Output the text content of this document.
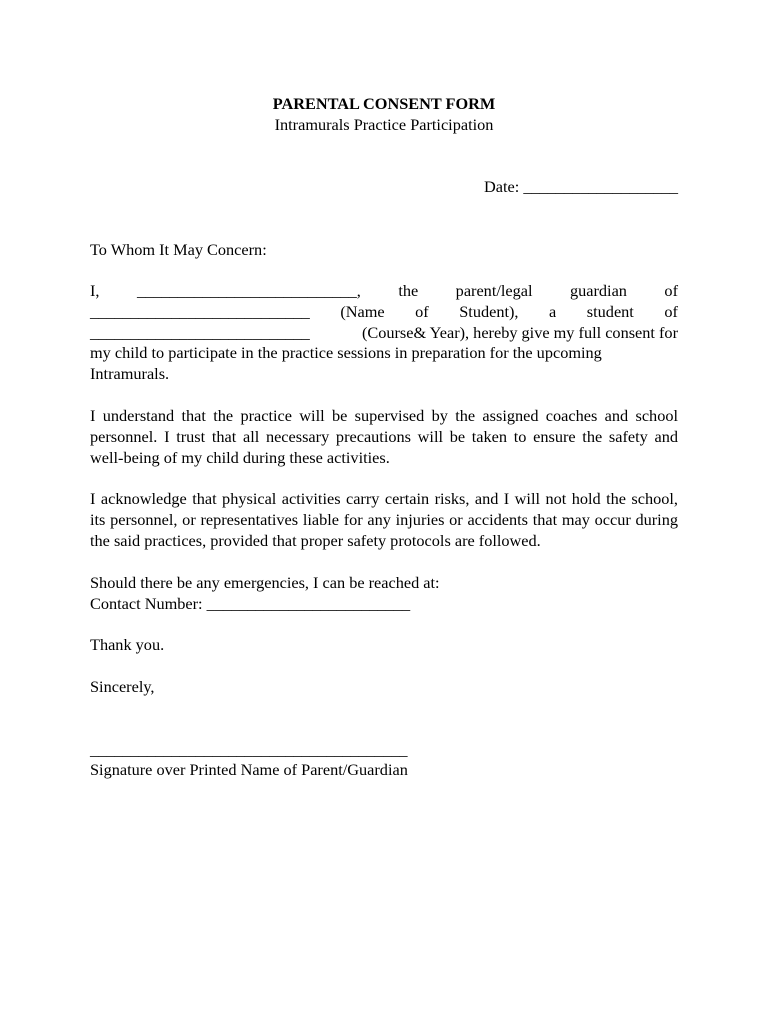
PARENTAL CONSENT FORM

Intramurals Practice Participation

Date: ___________________

To Whom It May Concern:

I, ___________________________, the parent/legal guardian of
___________________________ (Name of Student), a student of
___________________________	(Course& Year), hereby give my full consent for
my child to participate in the practice sessions in preparation for the upcoming
Intramurals.

I understand that the practice will be supervised by the assigned coaches and school personnel. I trust that all necessary precautions will be taken to ensure the safety and well-being of my child during these activities.

I acknowledge that physical activities carry certain risks, and I will not hold the school, its personnel, or representatives liable for any injuries or accidents that may occur during the said practices, provided that proper safety protocols are followed.

Should there be any emergencies, I can be reached at:
Contact Number: _________________________

Thank you.

Sincerely,

_______________________________________

Signature over Printed Name of Parent/Guardian
